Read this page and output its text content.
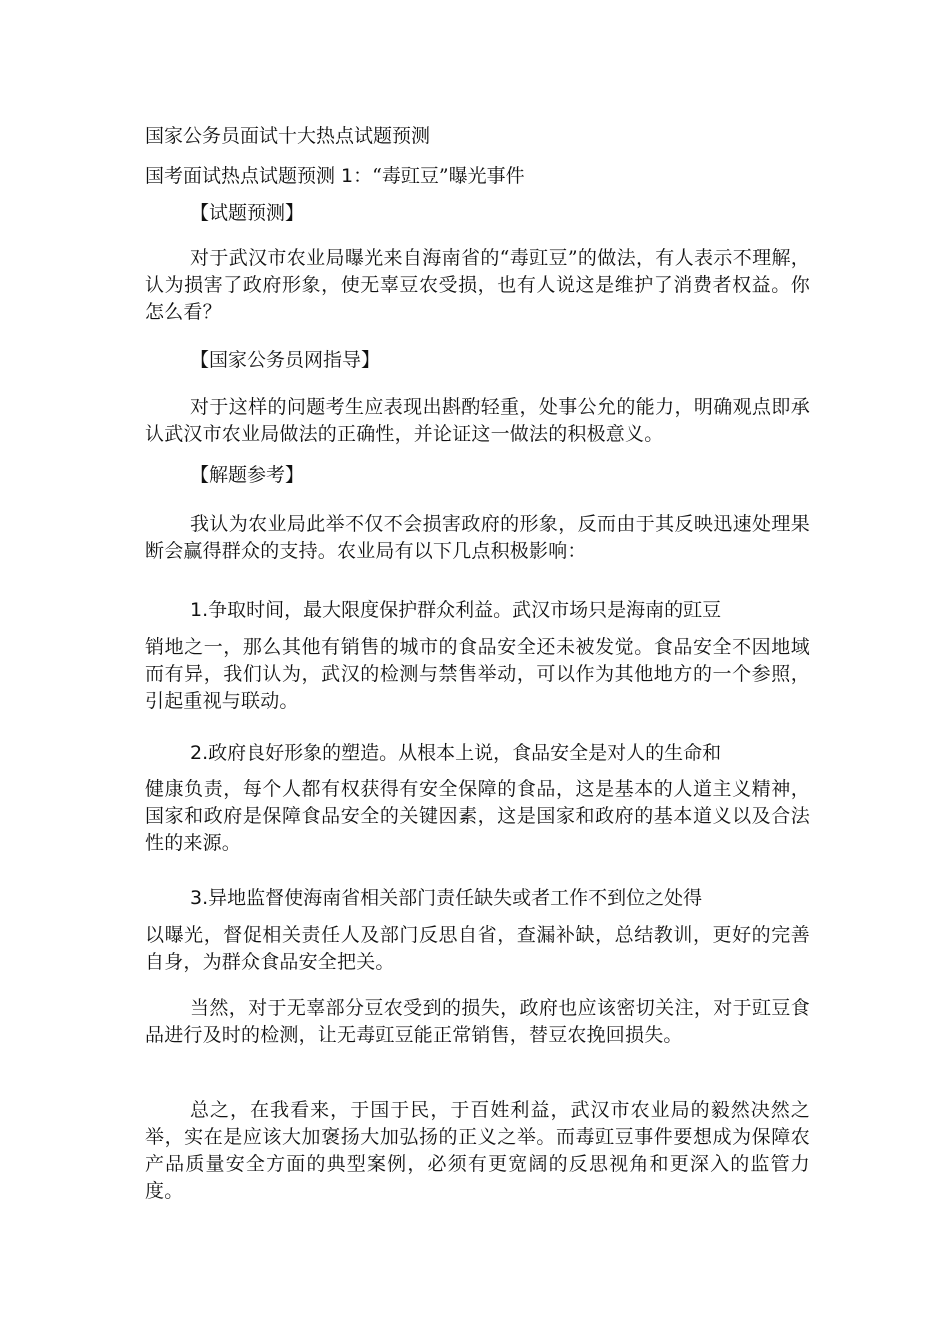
国家公务员面试十大热点试题预测
国考面试热点试题预测 1：“毒豇豆”曝光事件
【试题预测】
对于武汉市农业局曝光来自海南省的“毒豇豆”的做法，有人表示不理解，认为损害了政府形象，使无辜豆农受损，也有人说这是维护了消费者权益。你怎么看？
【国家公务员网指导】
对于这样的问题考生应表现出斟酌轻重，处事公允的能力，明确观点即承认武汉市农业局做法的正确性，并论证这一做法的积极意义。
【解题参考】
我认为农业局此举不仅不会损害政府的形象，反而由于其反映迅速处理果断会赢得群众的支持。农业局有以下几点积极影响：
1.争取时间，最大限度保护群众利益。武汉市场只是海南的豇豆
销地之一，那么其他有销售的城市的食品安全还未被发觉。食品安全不因地域而有异，我们认为，武汉的检测与禁售举动，可以作为其他地方的一个参照，引起重视与联动。
2.政府良好形象的塑造。从根本上说，食品安全是对人的生命和
健康负责，每个人都有权获得有安全保障的食品，这是基本的人道主义精神，国家和政府是保障食品安全的关键因素，这是国家和政府的基本道义以及合法性的来源。
3.异地监督使海南省相关部门责任缺失或者工作不到位之处得
以曝光，督促相关责任人及部门反思自省，查漏补缺，总结教训，更好的完善自身，为群众食品安全把关。
当然，对于无辜部分豆农受到的损失，政府也应该密切关注，对于豇豆食品进行及时的检测，让无毒豇豆能正常销售，替豆农挽回损失。
总之，在我看来，于国于民，于百姓利益，武汉市农业局的毅然决然之举，实在是应该大加褒扬大加弘扬的正义之举。而毒豇豆事件要想成为保障农产品质量安全方面的典型案例，必须有更宽阔的反思视角和更深入的监管力度。
